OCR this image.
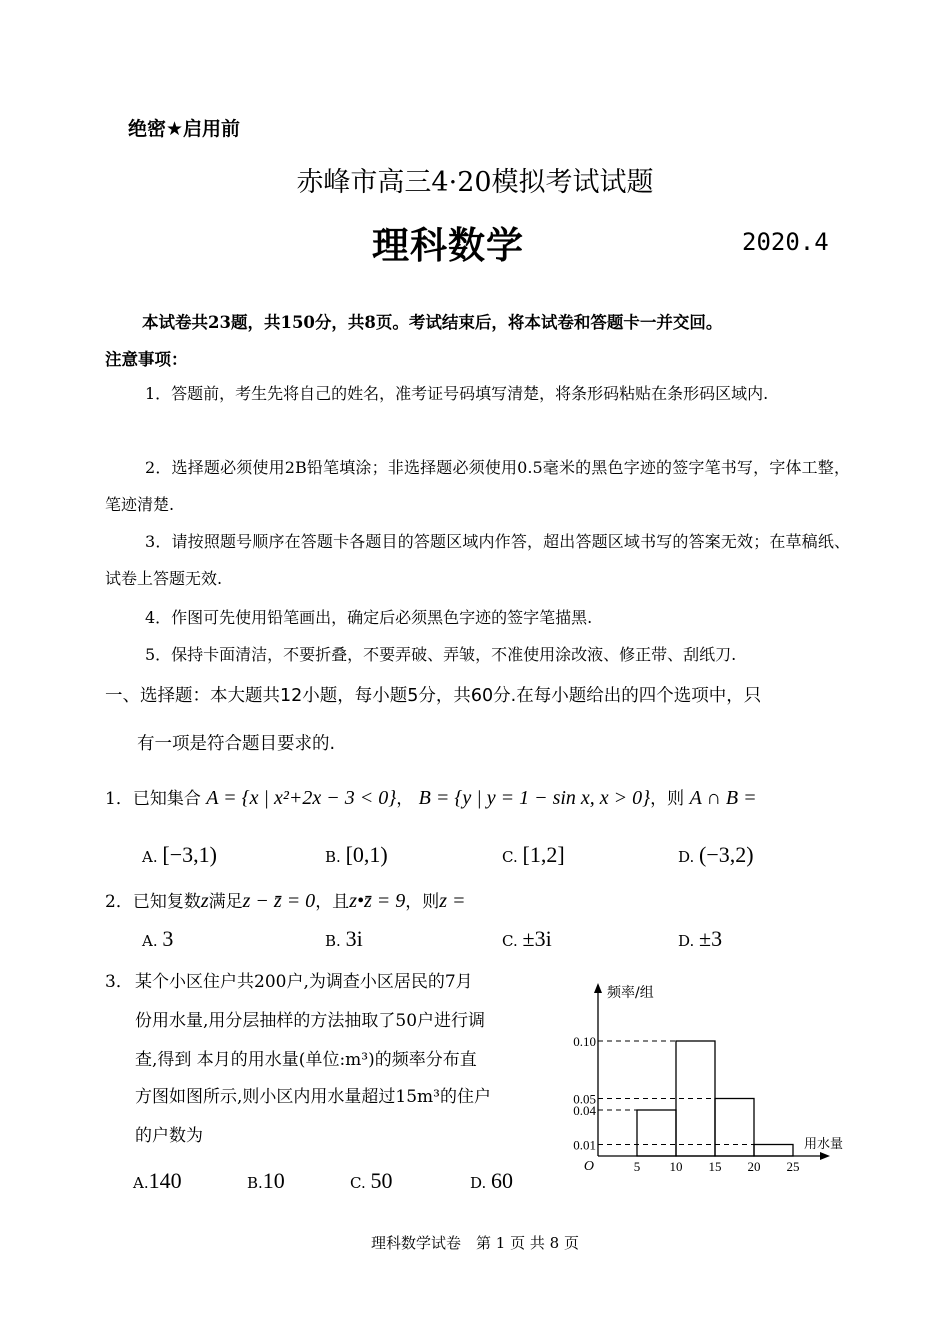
绝密★启用前
赤峰市高三4·20模拟考试试题
理科数学	2020.4
本试卷共23题，共150分，共8页。考试结束后，将本试卷和答题卡一并交回。
注意事项：
1．答题前，考生先将自己的姓名，准考证号码填写清楚，将条形码粘贴在条形码区域内.
2．选择题必须使用2B铅笔填涂；非选择题必须使用0.5毫米的黑色字迹的签字笔书写，字体工整，笔迹清楚.
3．请按照题号顺序在答题卡各题目的答题区域内作答，超出答题区域书写的答案无效；在草稿纸、试卷上答题无效.
4．作图可先使用铅笔画出，确定后必须黑色字迹的签字笔描黑.
5．保持卡面清洁，不要折叠，不要弄破、弄皱，不准使用涂改液、修正带、刮纸刀.
一、选择题：本大题共12小题，每小题5分，共60分.在每小题给出的四个选项中，只
有一项是符合题目要求的.
1．已知集合 A = {x | x²+2x − 3 < 0}， B = {y | y = 1 − sin x, x > 0}，则 A ∩ B =
A. [−3,1)	B. [0,1)	C. [1,2]	D. (−3,2)
2．已知复数z满足z − z̄ = 0，且z•z̄ = 9，则z =
A. 3	B. 3i	C. ±3i	D. ±3
3． 某个小区住户共200户,为调查小区居民的7月
份用水量,用分层抽样的方法抽取了50户进行调
查,得到 本月的用水量(单位:m³)的频率分布直
方图如图所示,则小区内用水量超过15m³的住户
的户数为
A.140	B.10	C. 50	D. 60
频率/组
用水量
O
0.01
0.04
0.05
0.10
5 10 15 20 25
理科数学试卷　第 1 页 共 8 页
